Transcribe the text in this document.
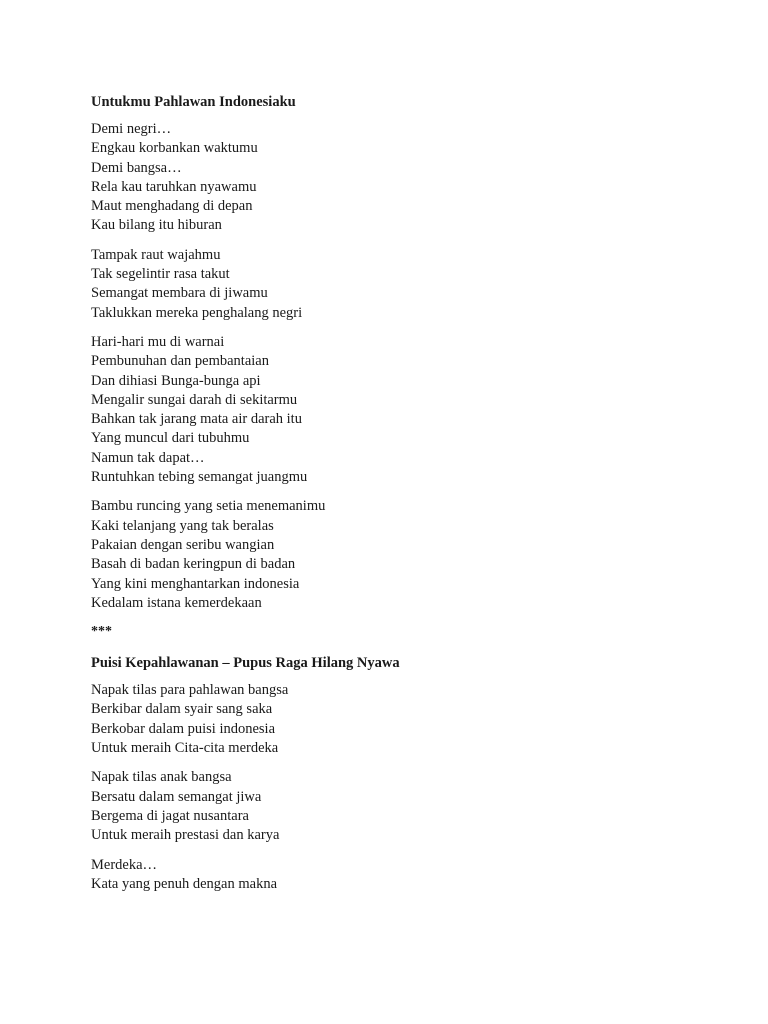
Untukmu Pahlawan Indonesiaku
Demi negri…
Engkau korbankan waktumu
Demi bangsa…
Rela kau taruhkan nyawamu
Maut menghadang di depan
Kau bilang itu hiburan
Tampak raut wajahmu
Tak segelintir rasa takut
Semangat membara di jiwamu
Taklukkan mereka penghalang negri
Hari-hari mu di warnai
Pembunuhan dan pembantaian
Dan dihiasi Bunga-bunga api
Mengalir sungai darah di sekitarmu
Bahkan tak jarang mata air darah itu
Yang muncul dari tubuhmu
Namun tak dapat…
Runtuhkan tebing semangat juangmu
Bambu runcing yang setia menemanimu
Kaki telanjang yang tak beralas
Pakaian dengan seribu wangian
Basah di badan keringpun di badan
Yang kini menghantarkan indonesia
Kedalam istana kemerdekaan
***
Puisi Kepahlawanan – Pupus Raga Hilang Nyawa
Napak tilas para pahlawan bangsa
Berkibar dalam syair sang saka
Berkobar dalam puisi indonesia
Untuk meraih Cita-cita merdeka
Napak tilas anak bangsa
Bersatu dalam semangat jiwa
Bergema di jagat nusantara
Untuk meraih prestasi dan karya
Merdeka…
Kata yang penuh dengan makna
